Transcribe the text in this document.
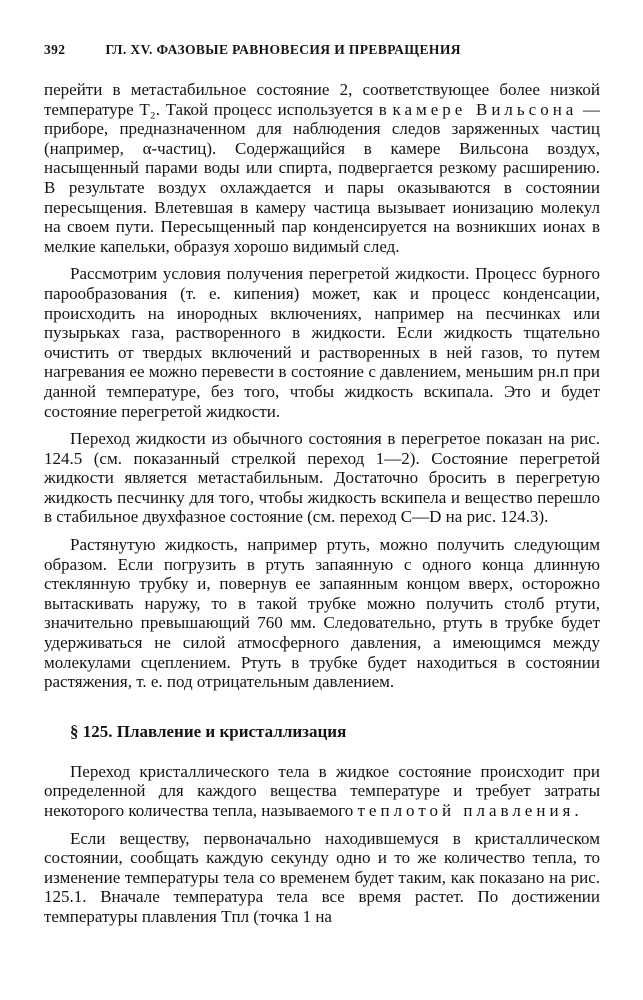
392	ГЛ. XV. ФАЗОВЫЕ РАВНОВЕСИЯ И ПРЕВРАЩЕНИЯ

перейти в метастабильное состояние 2, соответствующее более низкой температуре T₂. Такой процесс используется в камере Вильсона — приборе, предназначенном для наблюдения следов заряженных частиц (например, α-частиц). Содержащийся в камере Вильсона воздух, насыщенный парами воды или спирта, подвергается резкому расширению. В результате воздух охлаждается и пары оказываются в состоянии пересыщения. Влетевшая в камеру частица вызывает ионизацию молекул на своем пути. Пересыщенный пар конденсируется на возникших ионах в мелкие капельки, образуя хорошо видимый след.

Рассмотрим условия получения перегретой жидкости. Процесс бурного парообразования (т. е. кипения) может, как и процесс конденсации, происходить на инородных включениях, например на песчинках или пузырьках газа, растворенного в жидкости. Если жидкость тщательно очистить от твердых включений и растворенных в ней газов, то путем нагревания ее можно перевести в состояние с давлением, меньшим pн.п при данной температуре, без того, чтобы жидкость вскипала. Это и будет состояние перегретой жидкости.

Переход жидкости из обычного состояния в перегретое показан на рис. 124.5 (см. показанный стрелкой переход 1—2). Состояние перегретой жидкости является метастабильным. Достаточно бросить в перегретую жидкость песчинку для того, чтобы жидкость вскипела и вещество перешло в стабильное двухфазное состояние (см. переход C—D на рис. 124.3).

Растянутую жидкость, например ртуть, можно получить следующим образом. Если погрузить в ртуть запаянную с одного конца длинную стеклянную трубку и, повернув ее запаянным концом вверх, осторожно вытаскивать наружу, то в такой трубке можно получить столб ртути, значительно превышающий 760 мм. Следовательно, ртуть в трубке будет удерживаться не силой атмосферного давления, а имеющимся между молекулами сцеплением. Ртуть в трубке будет находиться в состоянии растяжения, т. е. под отрицательным давлением.

§ 125. Плавление и кристаллизация

Переход кристаллического тела в жидкое состояние происходит при определенной для каждого вещества температуре и требует затраты некоторого количества тепла, называемого теплотой плавления.

Если веществу, первоначально находившемуся в кристаллическом состоянии, сообщать каждую секунду одно и то же количество тепла, то изменение температуры тела со временем будет таким, как показано на рис. 125.1. Вначале температура тела все время растет. По достижении температуры плавления Tпл (точка 1 на
